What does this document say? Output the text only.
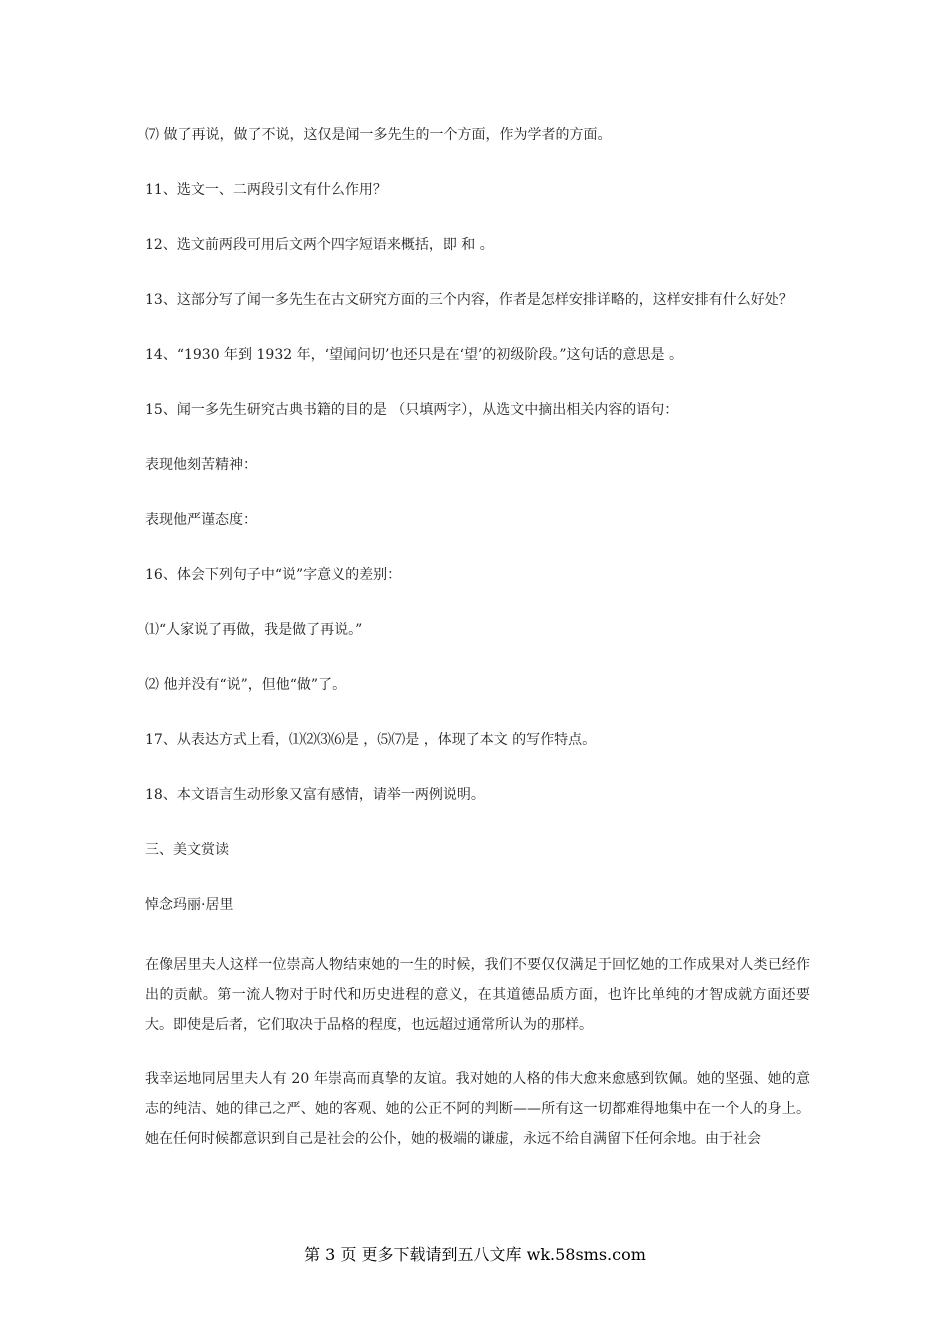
⑺ 做了再说，做了不说，这仅是闻一多先生的一个方面，作为学者的方面。
11、选文一、二两段引文有什么作用？
12、选文前两段可用后文两个四字短语来概括，即 和 。
13、这部分写了闻一多先生在古文研究方面的三个内容，作者是怎样安排详略的，这样安排有什么好处？
14、“1930 年到 1932 年，‘望闻问切’也还只是在‘望’的初级阶段。”这句话的意思是 。
15、闻一多先生研究古典书籍的目的是 （只填两字），从选文中摘出相关内容的语句：
表现他刻苦精神：
表现他严谨态度：
16、体会下列句子中“说”字意义的差别：
⑴“人家说了再做，我是做了再说。”
⑵ 他并没有“说”，但他“做”了。
17、从表达方式上看，⑴⑵⑶⑹是 ，⑸⑺是 ，体现了本文 的写作特点。
18、本文语言生动形象又富有感情，请举一两例说明。
三、美文赏读
悼念玛丽·居里
在像居里夫人这样一位崇高人物结束她的一生的时候，我们不要仅仅满足于回忆她的工作成果对人类已经作出的贡献。第一流人物对于时代和历史进程的意义，在其道德品质方面，也许比单纯的才智成就方面还要大。即使是后者，它们取决于品格的程度，也远超过通常所认为的那样。
我幸运地同居里夫人有 20 年崇高而真挚的友谊。我对她的人格的伟大愈来愈感到钦佩。她的坚强、她的意志的纯洁、她的律己之严、她的客观、她的公正不阿的判断——所有这一切都难得地集中在一个人的身上。她在任何时候都意识到自己是社会的公仆，她的极端的谦虚，永远不给自满留下任何余地。由于社会
第 3 页 更多下载请到五八文库 wk.58sms.com
